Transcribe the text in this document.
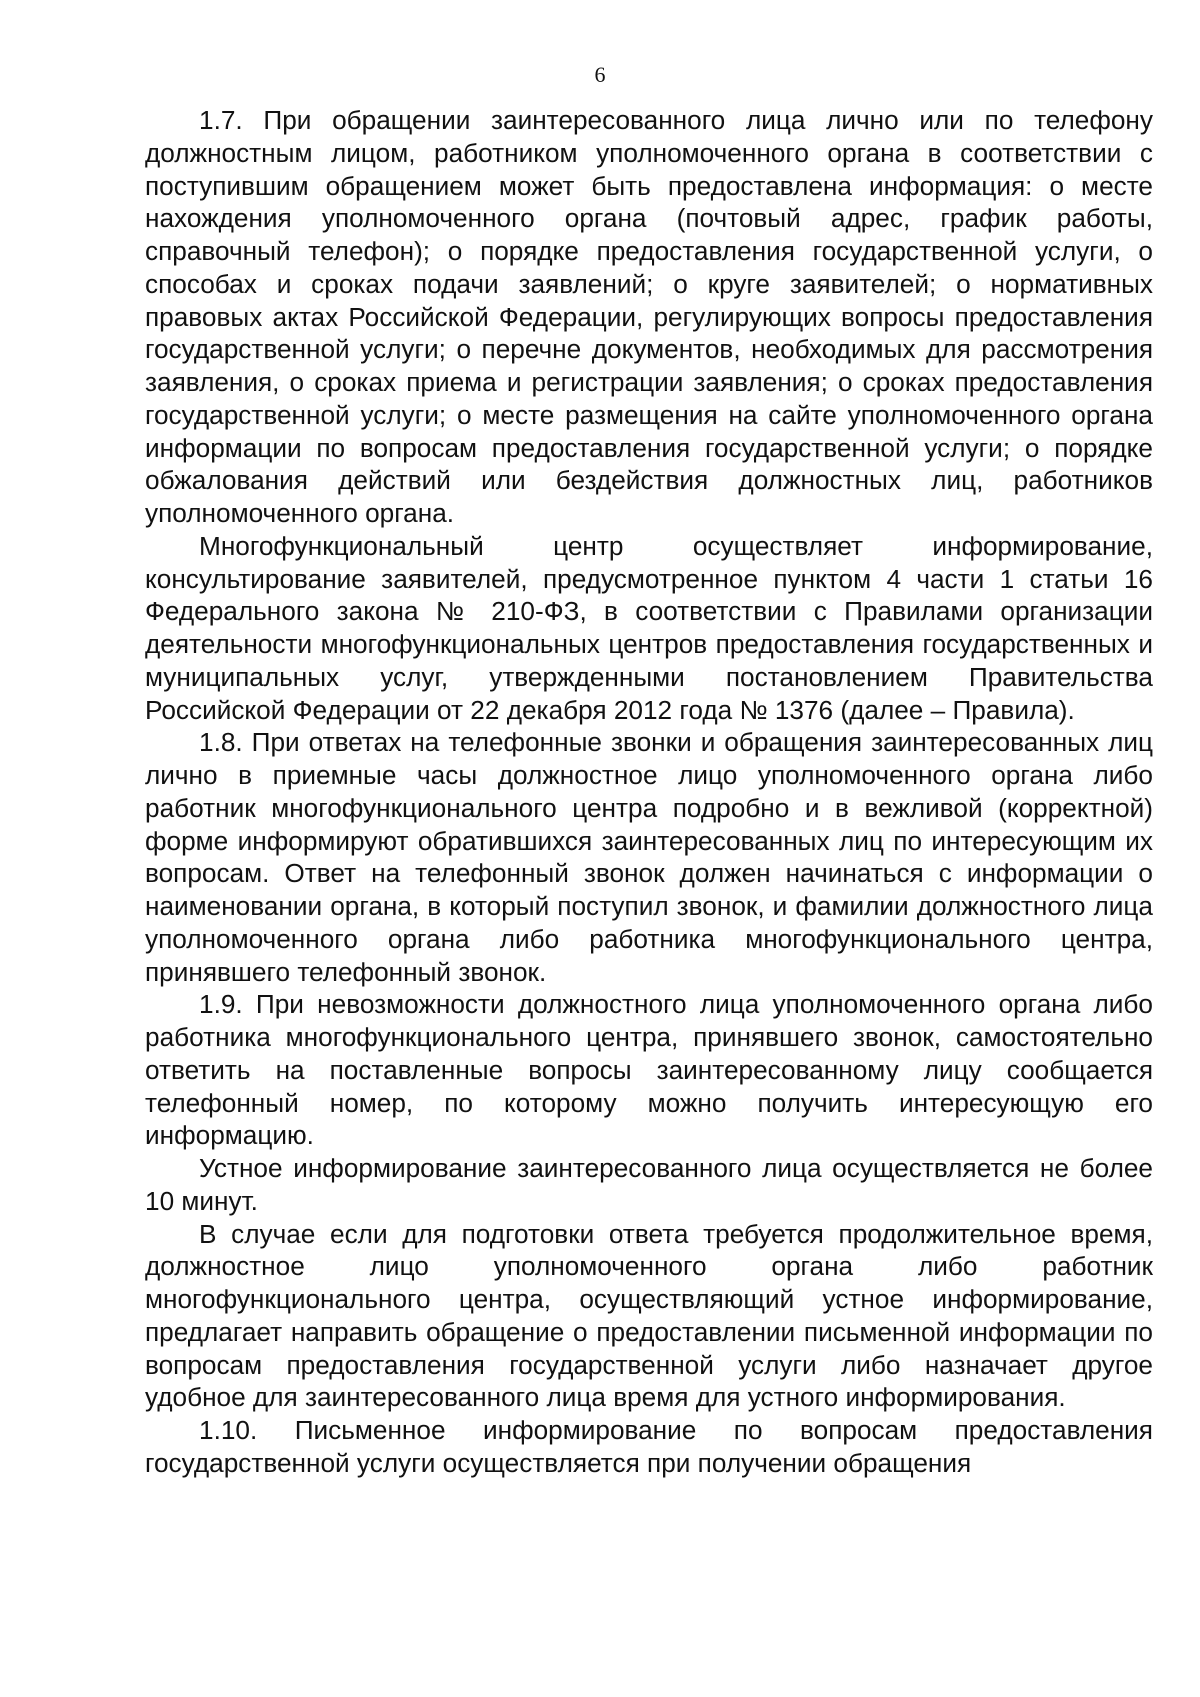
6

1.7. При обращении заинтересованного лица лично или по телефону должностным лицом, работником уполномоченного органа в соответствии с поступившим обращением может быть предоставлена информация: о месте нахождения уполномоченного органа (почтовый адрес, график работы, справочный телефон); о порядке предоставления государственной услуги, о способах и сроках подачи заявлений; о круге заявителей; о нормативных правовых актах Российской Федерации, регулирующих вопросы предоставления государственной услуги; о перечне документов, необходимых для рассмотрения заявления, о сроках приема и регистрации заявления; о сроках предоставления государственной услуги; о месте размещения на сайте уполномоченного органа информации по вопросам предоставления государственной услуги; о порядке обжалования действий или бездействия должностных лиц, работников уполномоченного органа.

Многофункциональный центр осуществляет информирование, консультирование заявителей, предусмотренное пунктом 4 части 1 статьи 16 Федерального закона № 210-ФЗ, в соответствии с Правилами организации деятельности многофункциональных центров предоставления государственных и муниципальных услуг, утвержденными постановлением Правительства Российской Федерации от 22 декабря 2012 года № 1376 (далее – Правила).

1.8. При ответах на телефонные звонки и обращения заинтересованных лиц лично в приемные часы должностное лицо уполномоченного органа либо работник многофункционального центра подробно и в вежливой (корректной) форме информируют обратившихся заинтересованных лиц по интересующим их вопросам. Ответ на телефонный звонок должен начинаться с информации о наименовании органа, в который поступил звонок, и фамилии должностного лица уполномоченного органа либо работника многофункционального центра, принявшего телефонный звонок.

1.9. При невозможности должностного лица уполномоченного органа либо работника многофункционального центра, принявшего звонок, самостоятельно ответить на поставленные вопросы заинтересованному лицу сообщается телефонный номер, по которому можно получить интересующую его информацию.

Устное информирование заинтересованного лица осуществляется не более 10 минут.

В случае если для подготовки ответа требуется продолжительное время, должностное лицо уполномоченного органа либо работник многофункционального центра, осуществляющий устное информирование, предлагает направить обращение о предоставлении письменной информации по вопросам предоставления государственной услуги либо назначает другое удобное для заинтересованного лица время для устного информирования.

1.10. Письменное информирование по вопросам предоставления государственной услуги осуществляется при получении обращения
